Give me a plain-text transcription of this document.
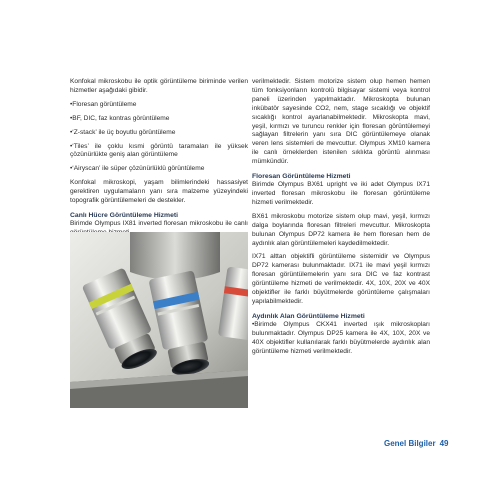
Konfokal mikroskobu ile optik görüntüleme biriminde verilen hizmetler aşağıdaki gibidir.

•Floresan görüntüleme

•BF, DIC, faz kontras görüntüleme

•‘Z-stack’ ile üç boyutlu görüntüleme

•‘Tiles’ ile çoklu kısmi görüntü taramaları ile yüksek çözünürlükte geniş alan görüntüleme

•‘Airyscan’ ile süper çözünürlüklü görüntüleme

Konfokal mikroskopi, yaşam bilimlerindeki hassasiyet gerektiren uygulamaların yanı sıra malzeme yüzeyindeki topografik görüntülemeleri de destekler.

Canlı Hücre Görüntüleme Hizmeti

Birimde Olympus IX81 inverted floresan mikroskobu ile canlı

verilmektedir. Sistem motorize sistem olup hemen hemen tüm fonksiyonların kontrolü bilgisayar sistemi veya kontrol paneli üzerinden yapılmaktadır. Mikroskopta bulunan inkübatör sayesinde CO2, nem, stage sıcaklığı ve objektif sıcaklığı kontrol ayarlanabilmektedir. Mikroskopta mavi, yeşil, kırmızı ve turuncu renkler için floresan görüntülemeyi sağlayan filtrelerin yanı sıra DIC görüntülemeye olanak veren lens sistemleri de mevcuttur. Olympus XM10 kamera ile canlı örneklerden istenilen sıklıkta görüntü alınması mümkündür.

Floresan Görüntüleme Hizmeti

Birimde Olympus BX61 upright ve iki adet Olympus IX71 inverted floresan mikroskobu ile floresan görüntüleme hizmeti verilmektedir.

BX61 mikroskobu motorize sistem olup mavi, yeşil, kırmızı dalga boylarında floresan filtreleri mevcuttur. Mikroskopta bulunan Olympus DP72 kamera ile hem floresan hem de aydınlık alan görüntülemeleri kaydedilmektedir.

IX71 alttan objektifli görüntüleme sistemidir ve Olympus DP72 kamerası bulunmaktadır. IX71 ile mavi yeşil kırmızı floresan görüntülemelerin yanı sıra DIC ve faz kontrast görüntüleme hizmeti de verilmektedir. 4X, 10X, 20X ve 40X objektifler ile farklı büyütmelerde görüntüleme çalışmaları yapılabilmektedir.

Aydınlık Alan Görüntüleme Hizmeti

•Birimde Olympus CKX41 inverted ışık mikroskopları bulunmaktadır. Olympus DP25 kamera ile 4X, 10X, 20X ve 40X objektifler kullanılarak farklı büyütmelerde aydınlık alan görüntüleme hizmeti verilmektedir.

Genel Bilgiler 49
